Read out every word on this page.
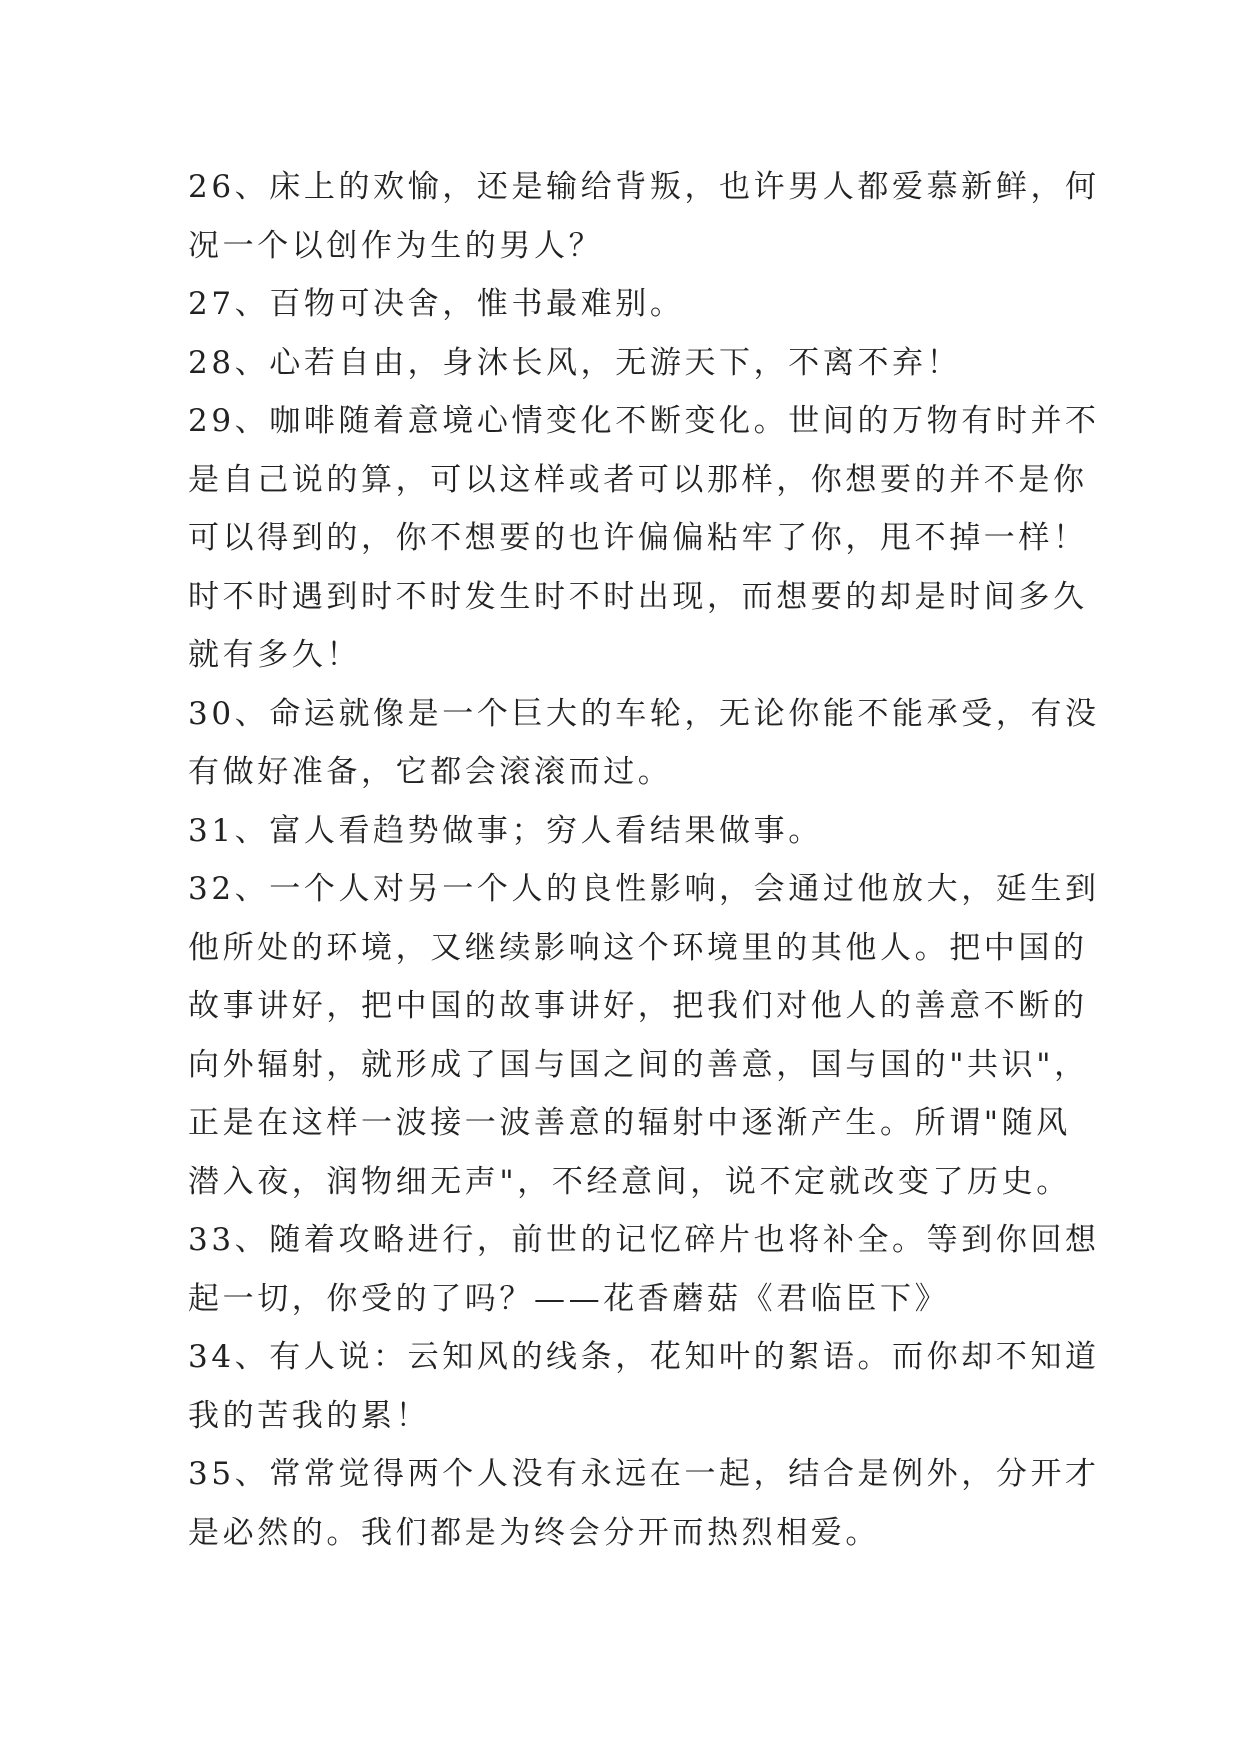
26、床上的欢愉，还是输给背叛，也许男人都爱慕新鲜，何
况一个以创作为生的男人？
27、百物可决舍，惟书最难别。
28、心若自由，身沐长风，无游天下，不离不弃！
29、咖啡随着意境心情变化不断变化。世间的万物有时并不
是自己说的算，可以这样或者可以那样，你想要的并不是你
可以得到的，你不想要的也许偏偏粘牢了你，甩不掉一样！
时不时遇到时不时发生时不时出现，而想要的却是时间多久
就有多久！
30、命运就像是一个巨大的车轮，无论你能不能承受，有没
有做好准备，它都会滚滚而过。
31、富人看趋势做事；穷人看结果做事。
32、一个人对另一个人的良性影响，会通过他放大，延生到
他所处的环境，又继续影响这个环境里的其他人。把中国的
故事讲好，把中国的故事讲好，把我们对他人的善意不断的
向外辐射，就形成了国与国之间的善意，国与国的"共识"，
正是在这样一波接一波善意的辐射中逐渐产生。所谓"随风
潜入夜，润物细无声"，不经意间，说不定就改变了历史。
33、随着攻略进行，前世的记忆碎片也将补全。等到你回想
起一切，你受的了吗？——花香蘑菇《君临臣下》
34、有人说：云知风的线条，花知叶的絮语。而你却不知道
我的苦我的累！
35、常常觉得两个人没有永远在一起，结合是例外，分开才
是必然的。我们都是为终会分开而热烈相爱。
